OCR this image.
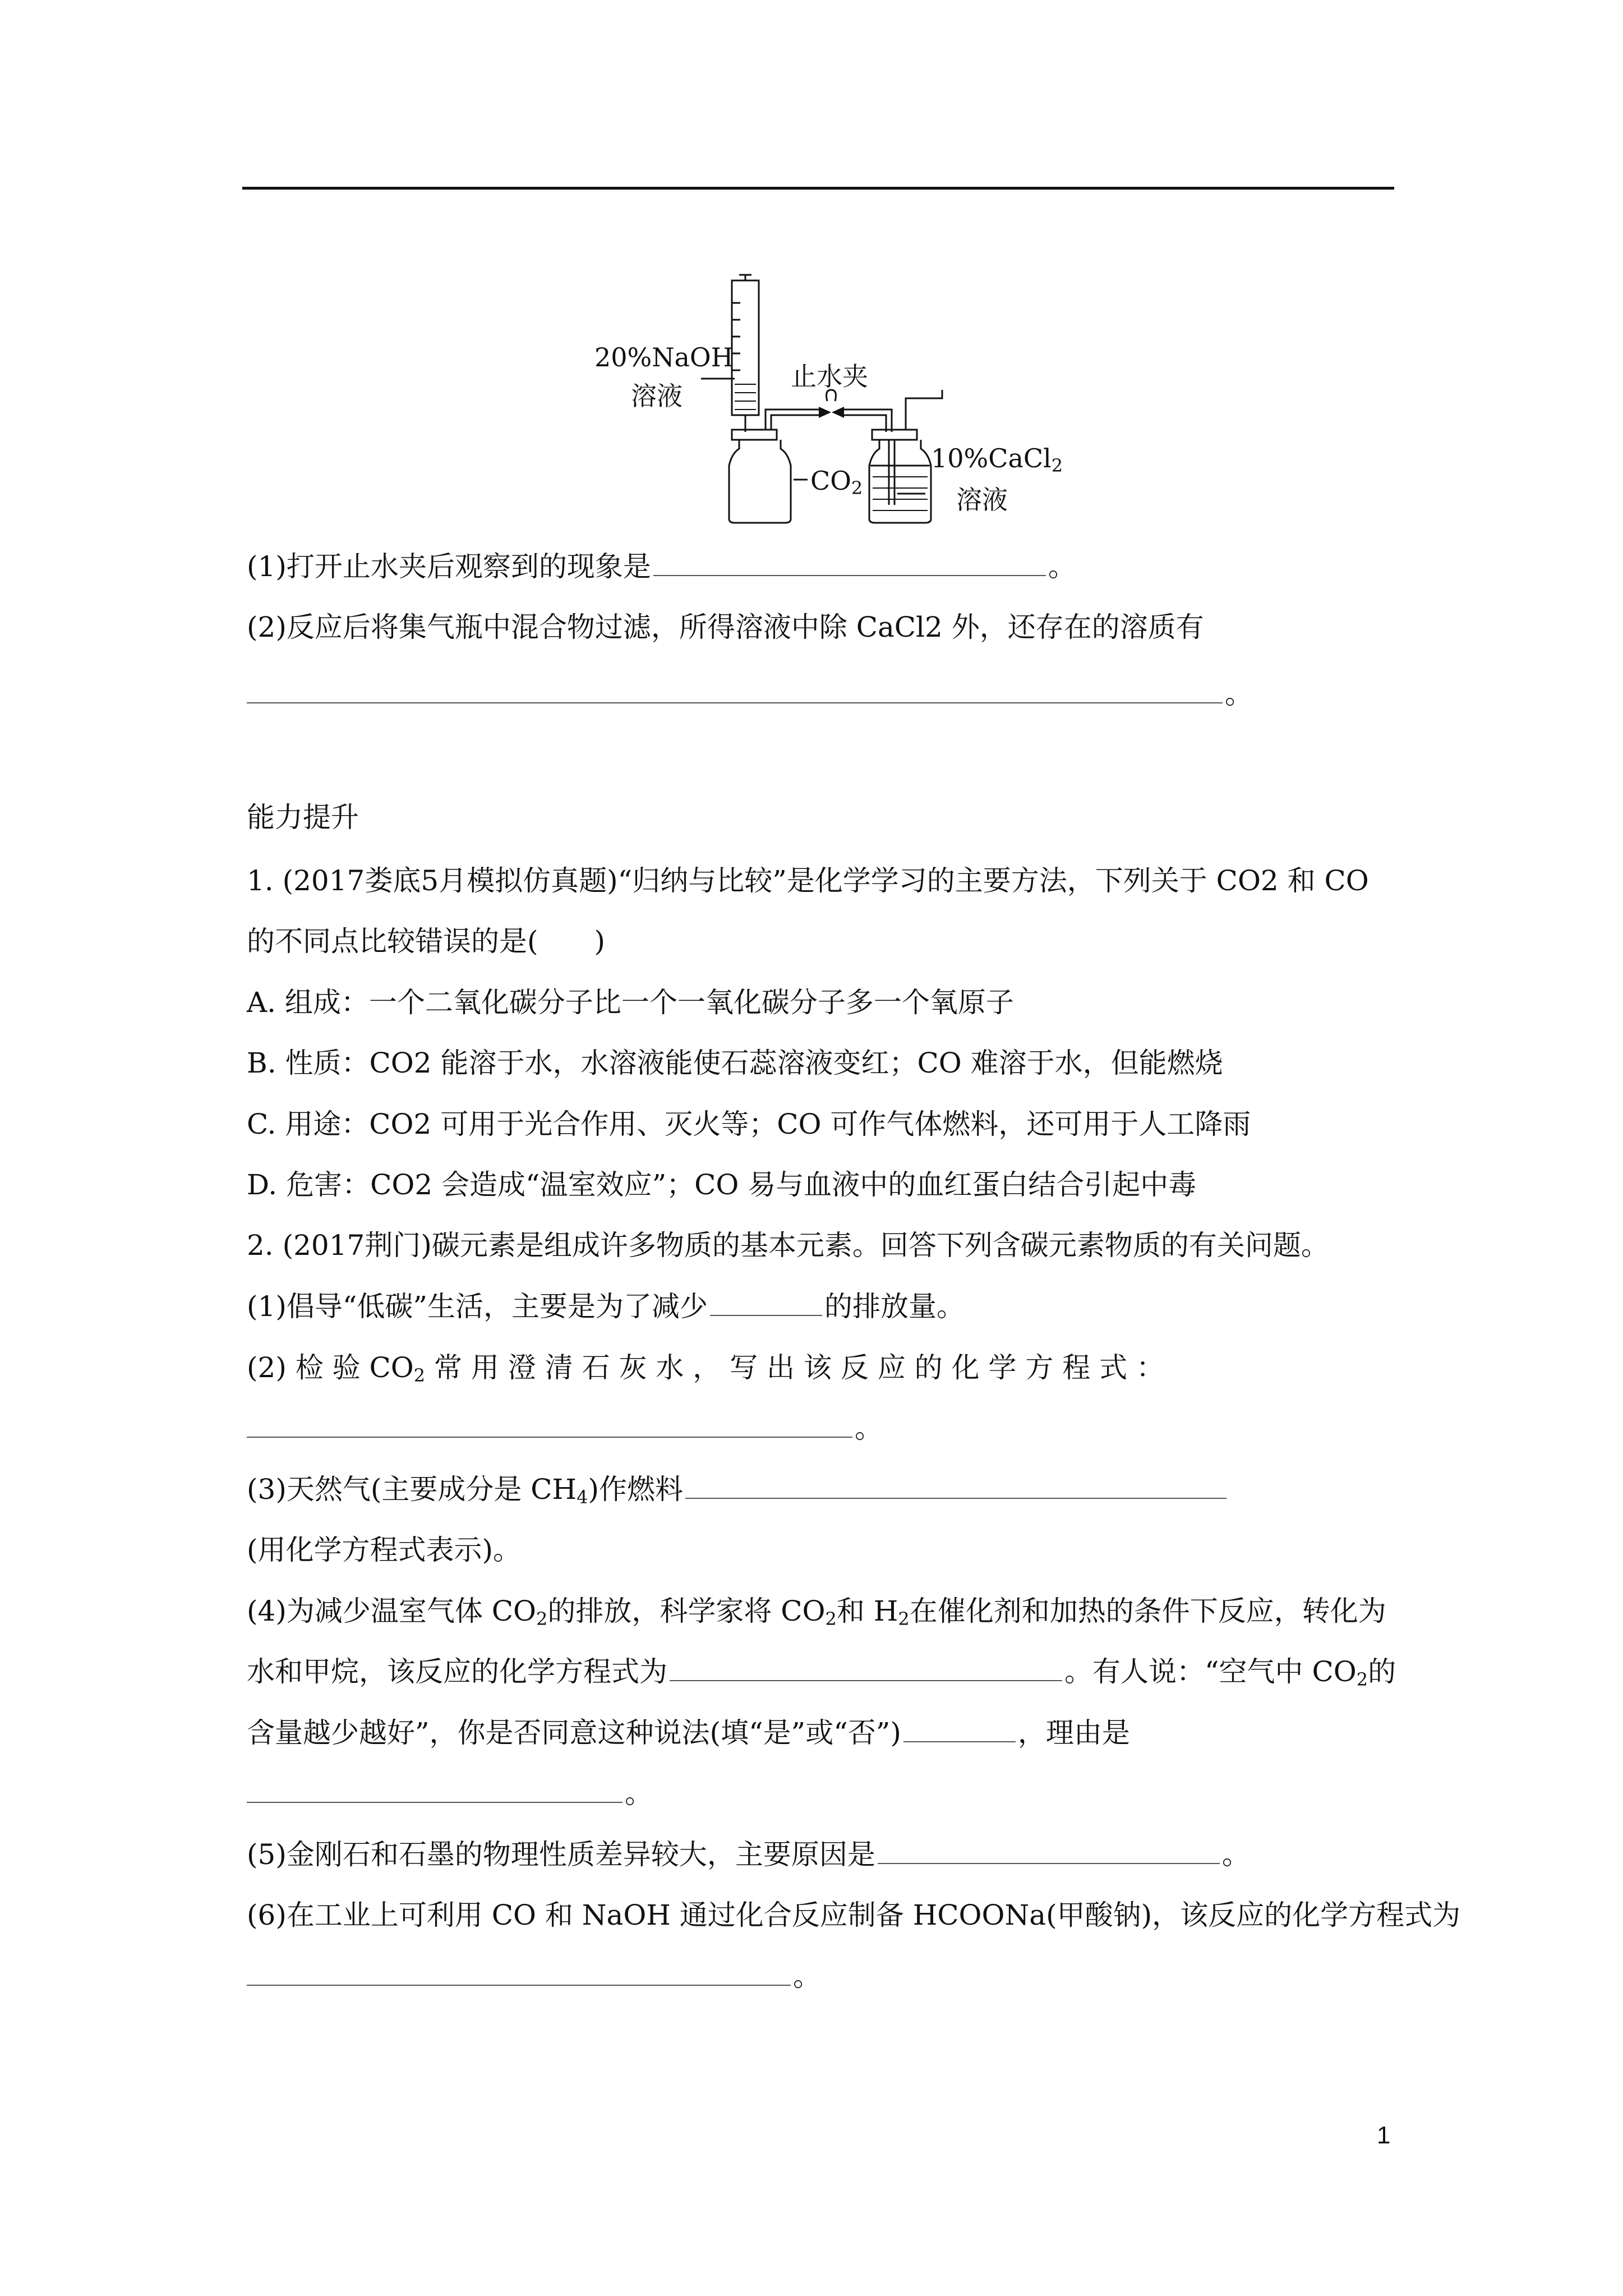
20%NaOH
溶液
止水夹
$CO_2$
10%CaCl$_2$
溶液
(1)打开止水夹后观察到的现象是	。
(2)反应后将集气瓶中混合物过滤，所得溶液中除 CaCl2 外，还存在的溶质有
。
能力提升
1. (2017娄底5月模拟仿真题)“归纳与比较”是化学学习的主要方法，下列关于 CO2 和 CO
的不同点比较错误的是(　　)
A. 组成：一个二氧化碳分子比一个一氧化碳分子多一个氧原子
B. 性质：CO2 能溶于水，水溶液能使石蕊溶液变红；CO 难溶于水，但能燃烧
C. 用途：CO2 可用于光合作用、灭火等；CO 可作气体燃料，还可用于人工降雨
D. 危害：CO2 会造成“温室效应”；CO 易与血液中的血红蛋白结合引起中毒
2. (2017荆门)碳元素是组成许多物质的基本元素。回答下列含碳元素物质的有关问题。
(1)倡导“低碳”生活，主要是为了减少	的排放量。
(2) 检 验 $CO_2$ 常 用 澄 清 石 灰 水 ， 写 出 该 反 应 的 化 学 方 程 式 ：
。
(3)天然气(主要成分是 $CH_4$)作燃料
(用化学方程式表示)。
(4)为减少温室气体 $CO_2$的排放，科学家将 $CO_2$和 $H_2$在催化剂和加热的条件下反应，转化为
水和甲烷，该反应的化学方程式为	。有人说：“空气中 $CO_2$的
含量越少越好”，你是否同意这种说法(填“是”或“否”)	，理由是
。
(5)金刚石和石墨的物理性质差异较大，主要原因是	。
(6)在工业上可利用 CO 和 NaOH 通过化合反应制备 HCOONa(甲酸钠)，该反应的化学方程式为
。
1
